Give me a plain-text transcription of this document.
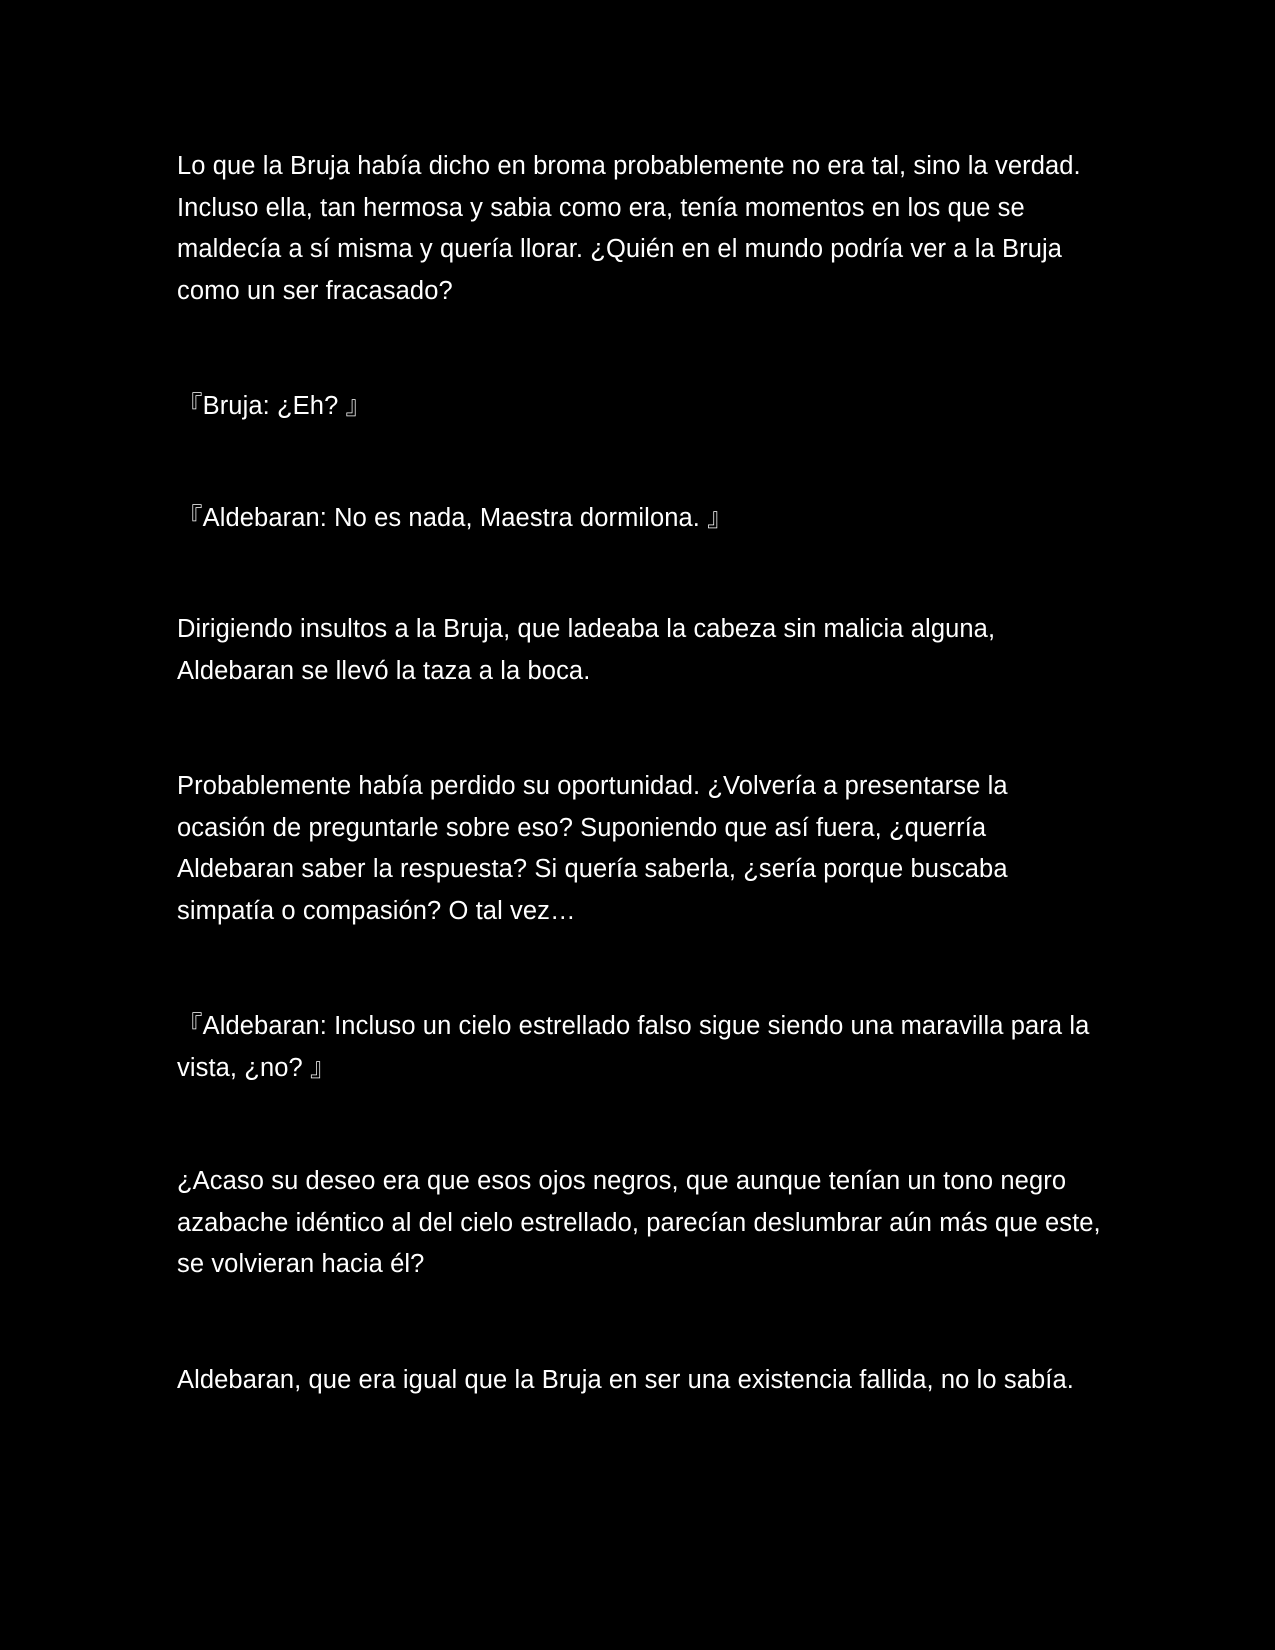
Lo que la Bruja había dicho en broma probablemente no era tal, sino la verdad. Incluso ella, tan hermosa y sabia como era, tenía momentos en los que se maldecía a sí misma y quería llorar. ¿Quién en el mundo podría ver a la Bruja como un ser fracasado?

『Bruja: ¿Eh? 』

『Aldebaran: No es nada, Maestra dormilona. 』

Dirigiendo insultos a la Bruja, que ladeaba la cabeza sin malicia alguna, Aldebaran se llevó la taza a la boca.

Probablemente había perdido su oportunidad. ¿Volvería a presentarse la ocasión de preguntarle sobre eso? Suponiendo que así fuera, ¿querría Aldebaran saber la respuesta? Si quería saberla, ¿sería porque buscaba simpatía o compasión? O tal vez…

『Aldebaran: Incluso un cielo estrellado falso sigue siendo una maravilla para la vista, ¿no? 』

¿Acaso su deseo era que esos ojos negros, que aunque tenían un tono negro azabache idéntico al del cielo estrellado, parecían deslumbrar aún más que este, se volvieran hacia él?

Aldebaran, que era igual que la Bruja en ser una existencia fallida, no lo sabía.
